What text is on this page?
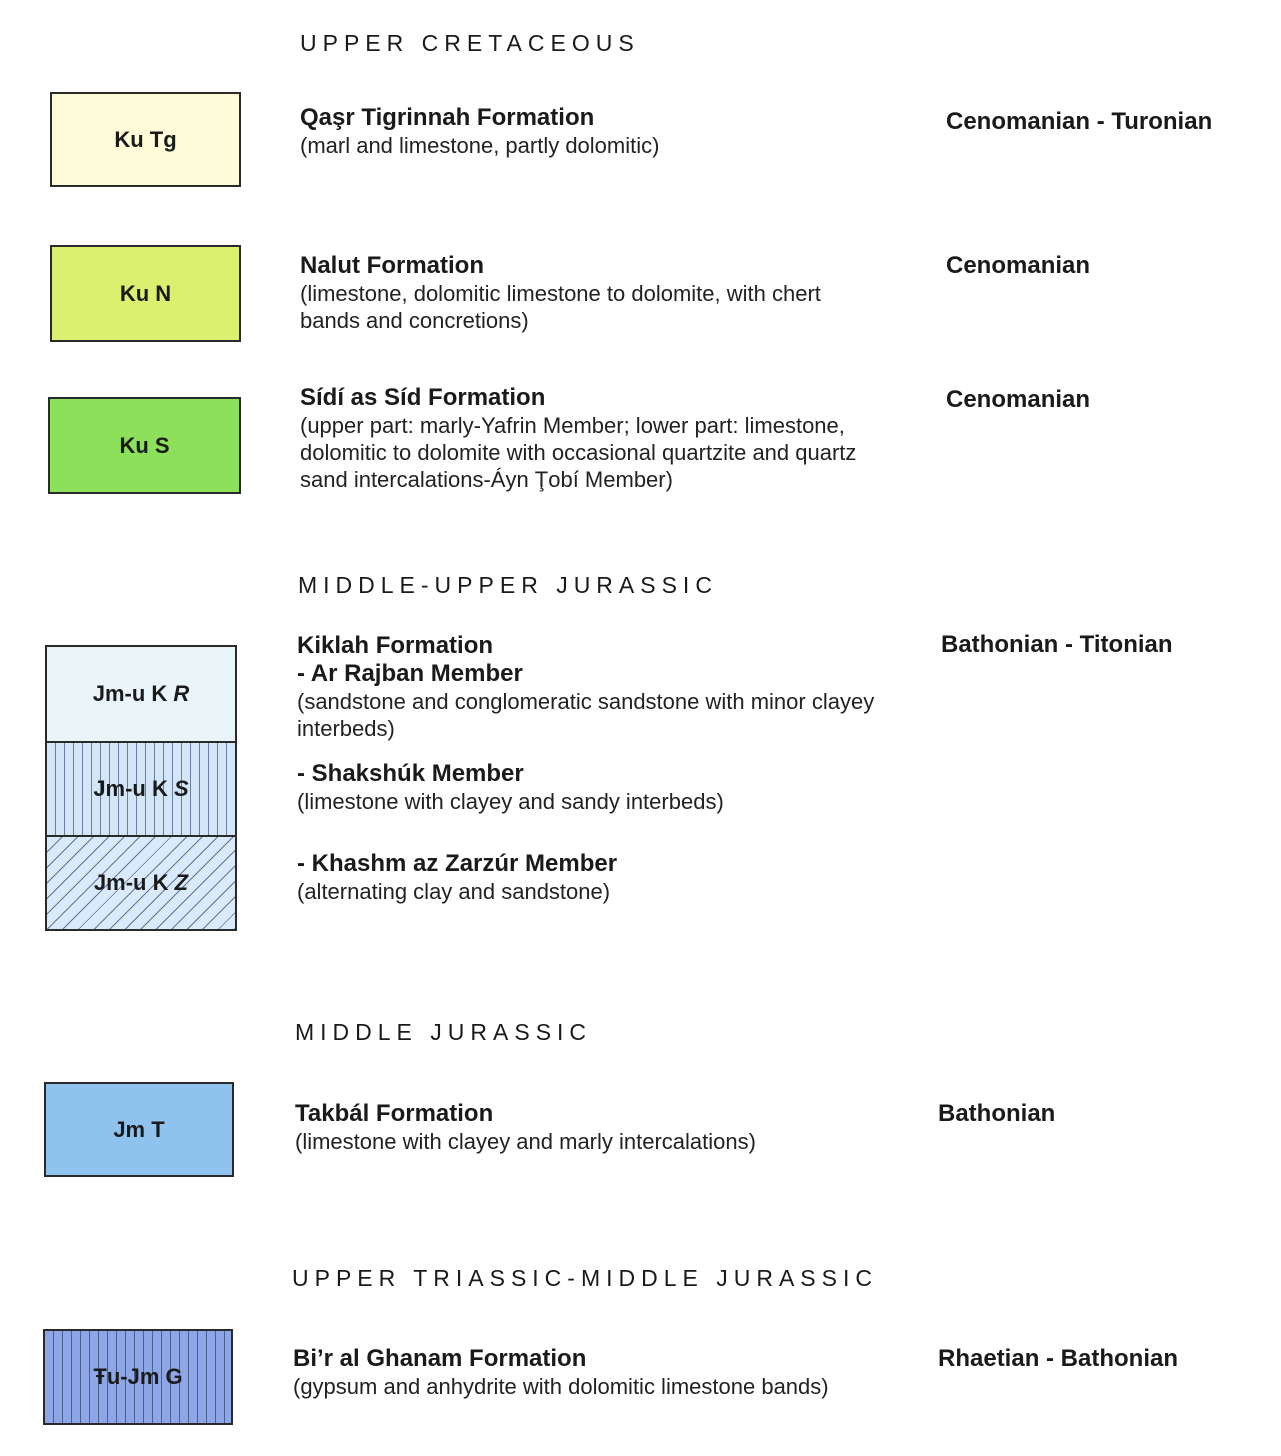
UPPER CRETACEOUS
Ku Tg
Qaşr Tigrinnah Formation
(marl and limestone, partly dolomitic)
Cenomanian - Turonian
Ku N
Nalut Formation
(limestone, dolomitic limestone to dolomite, with chert bands and concretions)
Cenomanian
Ku S
Sídí as Síd Formation
(upper part: marly-Yafrin Member; lower part: limestone, dolomitic to dolomite with occasional quartzite and quartz sand intercalations-Áyn Ţobí Member)
Cenomanian
MIDDLE-UPPER JURASSIC
Jm-u K R
Jm-u K S
Jm-u K Z
Kiklah Formation
- Ar Rajban Member
(sandstone and conglomeratic sandstone with minor clayey interbeds)
Bathonian - Titonian
- Shakshúk Member
(limestone with clayey and sandy interbeds)
- Khashm az Zarzúr Member
(alternating clay and sandstone)
MIDDLE JURASSIC
Jm T
Takbál Formation
(limestone with clayey and marly intercalations)
Bathonian
UPPER TRIASSIC-MIDDLE JURASSIC
Ŧu-Jm G
Bi’r al Ghanam Formation
(gypsum and anhydrite with dolomitic limestone bands)
Rhaetian - Bathonian
